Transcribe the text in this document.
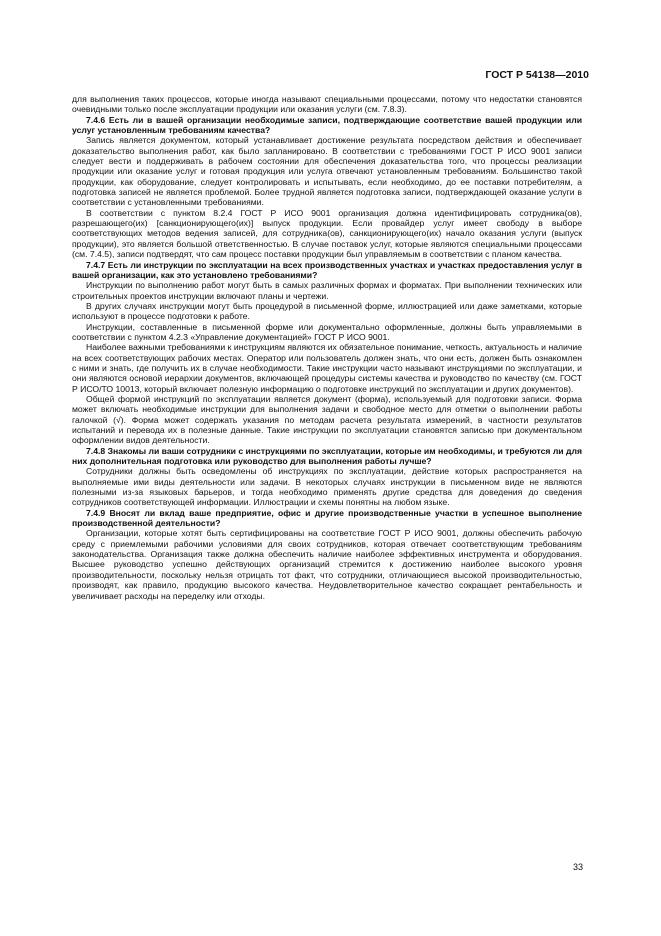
ГОСТ Р 54138—2010

для выполнения таких процессов, которые иногда называют специальными процессами, потому что недостатки становятся очевидными только после эксплуатации продукции или оказания услуги (см. 7.8.3).

7.4.6 Есть ли в вашей организации необходимые записи, подтверждающие соответствие вашей продукции или услуг установленным требованиям качества?

Запись является документом, который устанавливает достижение результата посредством действия и обеспечивает доказательство выполнения работ, как было запланировано. В соответствии с требованиями ГОСТ Р ИСО 9001 записи следует вести и поддерживать в рабочем состоянии для обеспечения доказательства того, что процессы реализации продукции или оказание услуг и готовая продукция или услуга отвечают установленным требованиям. Большинство такой продукции, как оборудование, следует контролировать и испытывать, если необходимо, до ее поставки потребителям, а подготовка записей не является проблемой. Более трудной является подготовка записи, подтверждающей оказание услуги в соответствии с установленными требованиями.

В соответствии с пунктом 8.2.4 ГОСТ Р ИСО 9001 организация должна идентифицировать сотрудника(ов), разрешающего(их) [санкционирующего(их)] выпуск продукции. Если провайдер услуг имеет свободу в выборе соответствующих методов ведения записей, для сотрудника(ов), санкционирующего(их) начало оказания услуги (выпуск продукции), это является большой ответственностью. В случае поставок услуг, которые являются специальными процессами (см. 7.4.5), записи подтвердят, что сам процесс поставки продукции был управляемым в соответствии с планом качества.

7.4.7 Есть ли инструкции по эксплуатации на всех производственных участках и участках предоставления услуг в вашей организации, как это установлено требованиями?

Инструкции по выполнению работ могут быть в самых различных формах и форматах. При выполнении технических или строительных проектов инструкции включают планы и чертежи.

В других случаях инструкции могут быть процедурой в письменной форме, иллюстрацией или даже заметками, которые используют в процессе подготовки к работе.

Инструкции, составленные в письменной форме или документально оформленные, должны быть управляемыми в соответствии с пунктом 4.2.3 «Управление документацией» ГОСТ Р ИСО 9001.

Наиболее важными требованиями к инструкциям являются их обязательное понимание, четкость, актуальность и наличие на всех соответствующих рабочих местах. Оператор или пользователь должен знать, что они есть, должен быть ознакомлен с ними и знать, где получить их в случае необходимости. Такие инструкции часто называют инструкциями по эксплуатации, и они являются основой иерархии документов, включающей процедуры системы качества и руководство по качеству (см. ГОСТ Р ИСО/ТО 10013, который включает полезную информацию о подготовке инструкций по эксплуатации и других документов).

Общей формой инструкций по эксплуатации является документ (форма), используемый для подготовки записи. Форма может включать необходимые инструкции для выполнения задачи и свободное место для отметки о выполнении работы галочкой (√). Форма может содержать указания по методам расчета результата измерений, в частности результатов испытаний и перевода их в полезные данные. Такие инструкции по эксплуатации становятся записью при документальном оформлении видов деятельности.

7.4.8 Знакомы ли ваши сотрудники с инструкциями по эксплуатации, которые им необходимы, и требуются ли для них дополнительная подготовка или руководство для выполнения работы лучше?

Сотрудники должны быть осведомлены об инструкциях по эксплуатации, действие которых распространяется на выполняемые ими виды деятельности или задачи. В некоторых случаях инструкции в письменном виде не являются полезными из-за языковых барьеров, и тогда необходимо применять другие средства для доведения до сведения сотрудников соответствующей информации. Иллюстрации и схемы понятны на любом языке.

7.4.9 Вносят ли вклад ваше предприятие, офис и другие производственные участки в успешное выполнение производственной деятельности?

Организации, которые хотят быть сертифицированы на соответствие ГОСТ Р ИСО 9001, должны обеспечить рабочую среду с приемлемыми рабочими условиями для своих сотрудников, которая отвечает соответствующим требованиям законодательства. Организация также должна обеспечить наличие наиболее эффективных инструмента и оборудования. Высшее руководство успешно действующих организаций стремится к достижению наиболее высокого уровня производительности, поскольку нельзя отрицать тот факт, что сотрудники, отличающиеся высокой производительностью, производят, как правило, продукцию высокого качества. Неудовлетворительное качество сокращает рентабельность и увеличивает расходы на переделку или отходы.

33
